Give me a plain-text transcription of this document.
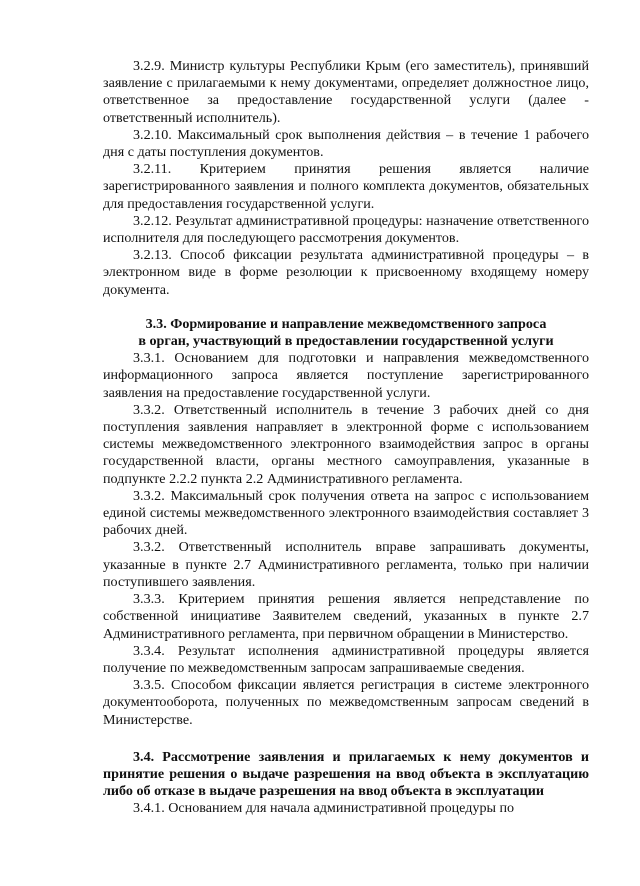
3.2.9. Министр культуры Республики Крым (его заместитель), принявший заявление с прилагаемыми к нему документами, определяет должностное лицо, ответственное за предоставление государственной услуги (далее - ответственный исполнитель).

3.2.10. Максимальный срок выполнения действия – в течение 1 рабочего дня с даты поступления документов.

3.2.11. Критерием принятия решения является наличие зарегистрированного заявления и полного комплекта документов, обязательных для предоставления государственной услуги.

3.2.12. Результат административной процедуры: назначение ответственного исполнителя для последующего рассмотрения документов.

3.2.13. Способ фиксации результата административной процедуры – в электронном виде в форме резолюции к присвоенному входящему номеру документа.

3.3. Формирование и направление межведомственного запроса

в орган, участвующий в предоставлении государственной услуги

3.3.1. Основанием для подготовки и направления межведомственного информационного запроса является поступление зарегистрированного заявления на предоставление государственной услуги.

3.3.2. Ответственный исполнитель в течение 3 рабочих дней со дня поступления заявления направляет в электронной форме с использованием системы межведомственного электронного взаимодействия запрос в органы государственной власти, органы местного самоуправления, указанные в подпункте 2.2.2 пункта 2.2 Административного регламента.

3.3.2. Максимальный срок получения ответа на запрос с использованием единой системы межведомственного электронного взаимодействия составляет 3 рабочих дней.

3.3.2. Ответственный исполнитель вправе запрашивать документы, указанные в пункте 2.7 Административного регламента, только при наличии поступившего заявления.

3.3.3. Критерием принятия решения является непредставление по собственной инициативе Заявителем сведений, указанных в пункте 2.7 Административного регламента, при первичном обращении в Министерство.

3.3.4. Результат исполнения административной процедуры является получение по межведомственным запросам запрашиваемые сведения.

3.3.5. Способом фиксации является регистрация в системе электронного документооборота, полученных по межведомственным запросам сведений в Министерстве.

3.4. Рассмотрение заявления и прилагаемых к нему документов и принятие решения о выдаче разрешения на ввод объекта в эксплуатацию либо об отказе в выдаче разрешения на ввод объекта в эксплуатации

3.4.1. Основанием для начала административной процедуры по
